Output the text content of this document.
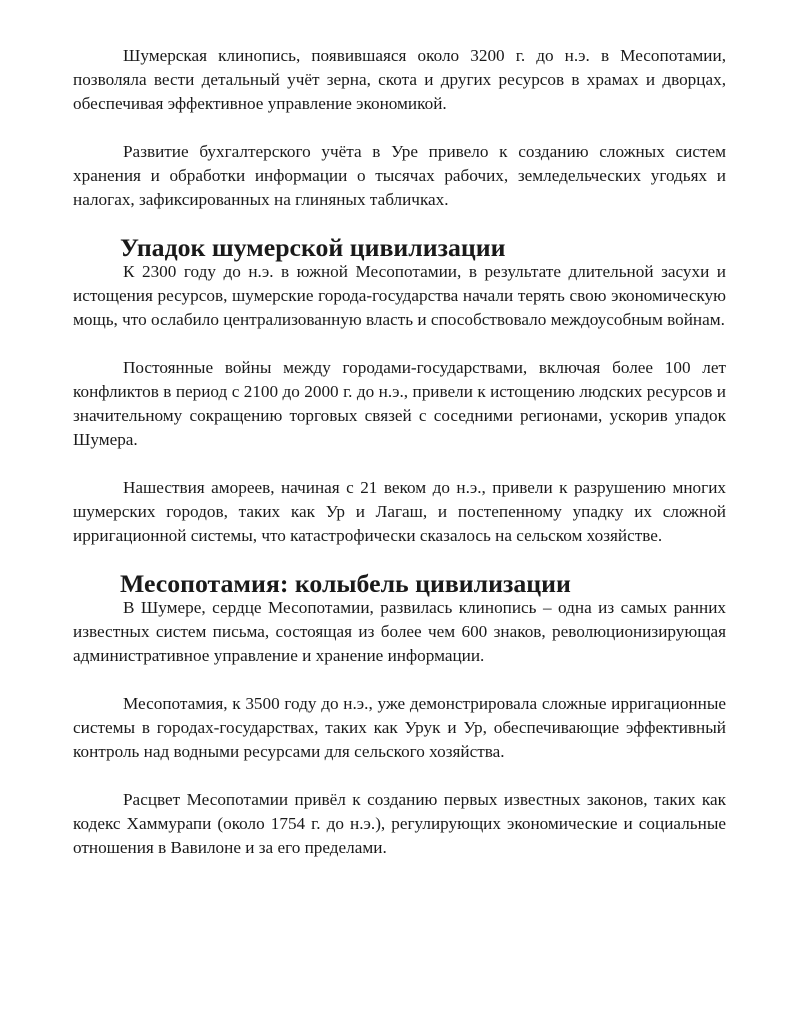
Шумерская клинопись, появившаяся около 3200 г. до н.э. в Месопотамии, позволяла вести детальный учёт зерна, скота и других ресурсов в храмах и дворцах, обеспечивая эффективное управление экономикой.

Развитие бухгалтерского учёта в Уре привело к созданию сложных систем хранения и обработки информации о тысячах рабочих, земледельческих угодьях и налогах, зафиксированных на глиняных табличках.

Упадок шумерской цивилизации

К 2300 году до н.э. в южной Месопотамии, в результате длительной засухи и истощения ресурсов, шумерские города-государства начали терять свою экономическую мощь, что ослабило централизованную власть и способствовало междоусобным войнам.

Постоянные войны между городами-государствами, включая более 100 лет конфликтов в период с 2100 до 2000 г. до н.э., привели к истощению людских ресурсов и значительному сокращению торговых связей с соседними регионами, ускорив упадок Шумера.

Нашествия амореев, начиная с 21 веком до н.э., привели к разрушению многих шумерских городов, таких как Ур и Лагаш, и постепенному упадку их сложной ирригационной системы, что катастрофически сказалось на сельском хозяйстве.

Месопотамия: колыбель цивилизации

В Шумере, сердце Месопотамии, развилась клинопись – одна из самых ранних известных систем письма, состоящая из более чем 600 знаков, революционизирующая административное управление и хранение информации.

Месопотамия, к 3500 году до н.э., уже демонстрировала сложные ирригационные системы в городах-государствах, таких как Урук и Ур, обеспечивающие эффективный контроль над водными ресурсами для сельского хозяйства.

Расцвет Месопотамии привёл к созданию первых известных законов, таких как кодекс Хаммурапи (около 1754 г. до н.э.), регулирующих экономические и социальные отношения в Вавилоне и за его пределами.
